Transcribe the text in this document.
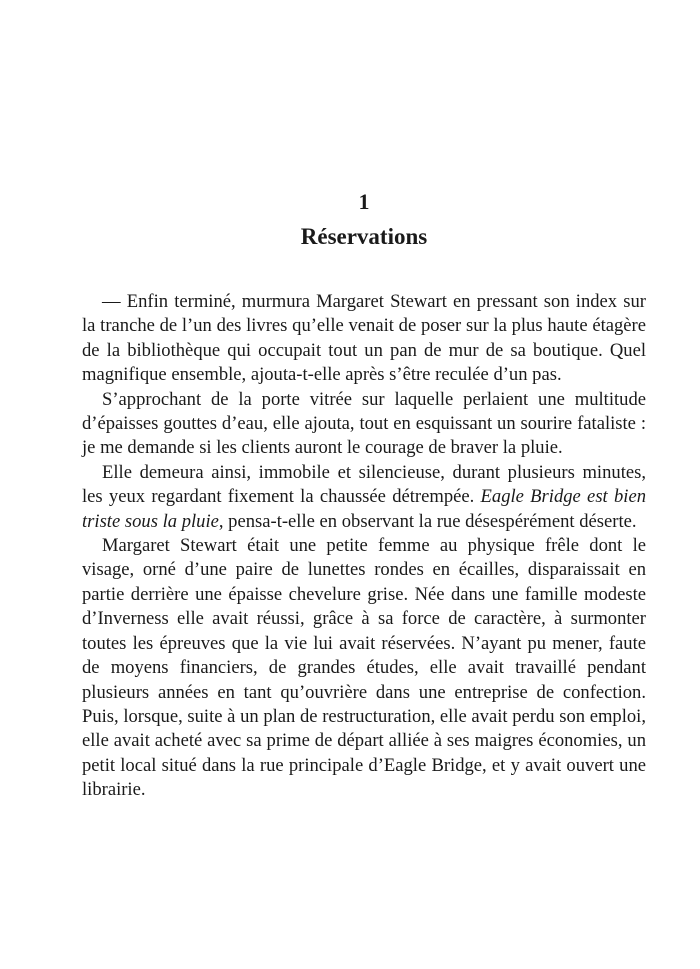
1
Réservations

— Enfin terminé, murmura Margaret Stewart en pressant son index sur la tranche de l’un des livres qu’elle venait de poser sur la plus haute étagère de la bibliothèque qui occupait tout un pan de mur de sa boutique. Quel magnifique ensemble, ajouta-t-elle après s’être reculée d’un pas.

S’approchant de la porte vitrée sur laquelle perlaient une multitude d’épaisses gouttes d’eau, elle ajouta, tout en esquissant un sourire fataliste : je me demande si les clients auront le courage de braver la pluie.

Elle demeura ainsi, immobile et silencieuse, durant plusieurs minutes, les yeux regardant fixement la chaussée détrempée. Eagle Bridge est bien triste sous la pluie, pensa-t-elle en observant la rue désespérément déserte.

Margaret Stewart était une petite femme au physique frêle dont le visage, orné d’une paire de lunettes rondes en écailles, disparaissait en partie derrière une épaisse chevelure grise. Née dans une famille modeste d’Inverness elle avait réussi, grâce à sa force de caractère, à surmonter toutes les épreuves que la vie lui avait réservées. N’ayant pu mener, faute de moyens financiers, de grandes études, elle avait travaillé pendant plusieurs années en tant qu’ouvrière dans une entreprise de confection. Puis, lorsque, suite à un plan de restructuration, elle avait perdu son emploi, elle avait acheté avec sa prime de départ alliée à ses maigres économies, un petit local situé dans la rue principale d’Eagle Bridge, et y avait ouvert une librairie.
